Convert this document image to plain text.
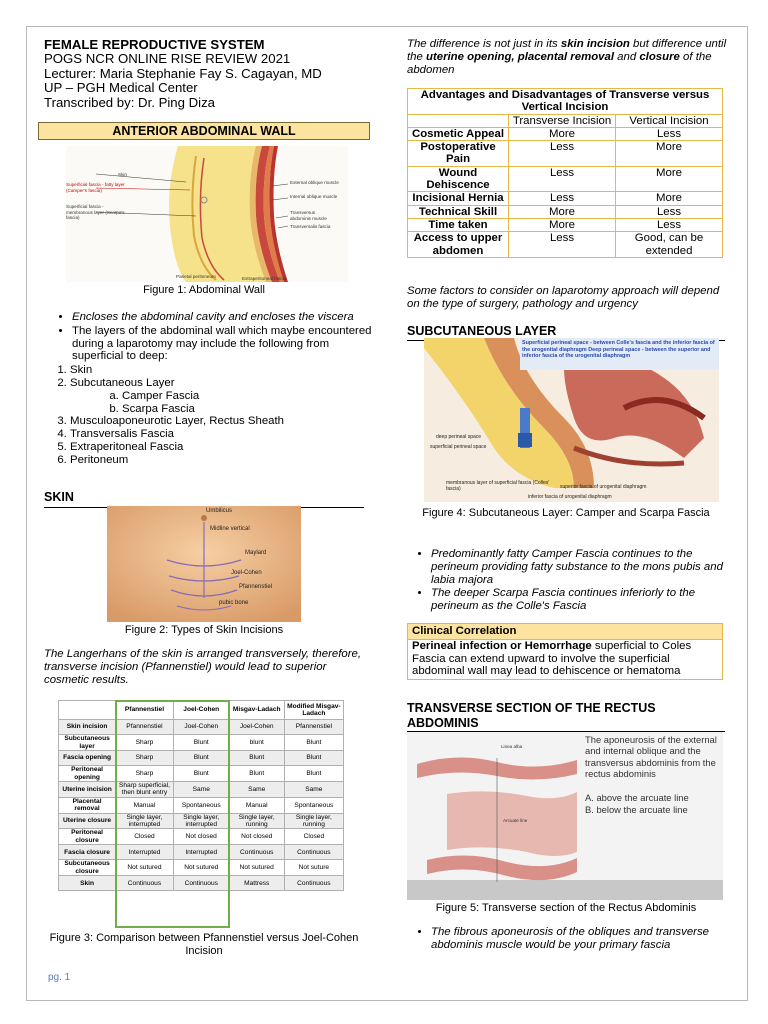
FEMALE REPRODUCTIVE SYSTEM
POGS NCR ONLINE RISE REVIEW 2021
Lecturer: Maria Stephanie Fay S. Cagayan, MD
UP – PGH Medical Center
Transcribed by: Dr. Ping Diza
ANTERIOR ABDOMINAL WALL
Skin
Superficial fascia - fatty layer (Camper's fascia)
Superficial fascia - membranous layer (Scarpa's fascia)
External oblique muscle
Internal oblique muscle
Transversus abdominis muscle
Transversalis fascia
Parietal peritoneum	Extraperitoneal fascia
Figure 1: Abdominal Wall
• Encloses the abdominal cavity and encloses the viscera
• The layers of the abdominal wall which maybe encountered during a laparotomy may include the following from superficial to deep:
1. Skin
2. Subcutaneous Layer
a. Camper Fascia
b. Scarpa Fascia
3. Musculoaponeurotic Layer, Rectus Sheath
4. Transversalis Fascia
5. Extraperitoneal Fascia
6. Peritoneum
SKIN
Umbilicus
Midline vertical
Maylard
Joel-Cohen
Pfannenstiel
pubic bone
Figure 2: Types of Skin Incisions
The Langerhans of the skin is arranged transversely, therefore, transverse incision (Pfannenstiel) would lead to superior cosmetic results.
	Pfannenstiel	Joel-Cohen	Misgav-Ladach	Modified Misgav-Ladach
Skin incision	Pfannenstiel	Joel-Cohen	Joel-Cohen	Pfannenstiel
Subcutaneous layer	Sharp	Blunt	blunt	Blunt
Fascia opening	Sharp	Blunt	Blunt	Blunt
Peritoneal opening	Sharp	Blunt	Blunt	Blunt
Uterine incision	Sharp superficial, then blunt entry	Same	Same	Same
Placental removal	Manual	Spontaneous	Manual	Spontaneous
Uterine closure	Single layer, interrupted	Single layer, interrupted	Single layer, running	Single layer, running
Peritoneal closure	Closed	Not closed	Not closed	Closed
Fascia closure	Interrupted	Interrupted	Continuous	Continuous
Subcutaneous closure	Not sutured	Not sutured	Not sutured	Not suture
Skin	Continuous	Continuous	Mattress	Continuous
Figure 3: Comparison between Pfannenstiel versus Joel-Cohen Incision
pg. 1
The difference is not just in its skin incision but difference until the uterine opening, placental removal and closure of the abdomen
Advantages and Disadvantages of Transverse versus Vertical Incision		
	Transverse Incision	Vertical Incision
Cosmetic Appeal	More	Less
Postoperative Pain	Less	More
Wound Dehiscence	Less	More
Incisional Hernia	Less	More
Technical Skill	More	Less
Time taken	More	Less
Access to upper abdomen	Less	Good, can be extended
Some factors to consider on laparotomy approach will depend on the type of surgery, pathology and urgency
SUBCUTANEOUS LAYER
Superficial perineal space - between Colle's fascia and the inferior fascia of the urogenital diaphragm Deep perineal space - between the superior and inferior fascia of the urogenital diaphragm
deep perineal space
superficial perineal space
membranous layer of superficial fascia (Colles' fascia)	superior fascia of urogenital diaphragm
inferior fascia of urogenital diaphragm
Figure 4: Subcutaneous Layer: Camper and Scarpa Fascia
• Predominantly fatty Camper Fascia continues to the perineum providing fatty substance to the mons pubis and labia majora
• The deeper Scarpa Fascia continues inferiorly to the perineum as the Colle's Fascia
Clinical Correlation
Perineal infection or Hemorrhage superficial to Coles Fascia can extend upward to involve the superficial abdominal wall may lead to dehiscence or hematoma
TRANSVERSE SECTION OF THE RECTUS ABDOMINIS
The aponeurosis of the external and internal oblique and the transversus abdominis from the rectus abdominis
A. above the arcuate line
B. below the arcuate line
Linea alba
Arcuate line
Figure 5: Transverse section of the Rectus Abdominis
• The fibrous aponeurosis of the obliques and transverse abdominis muscle would be your primary fascia
